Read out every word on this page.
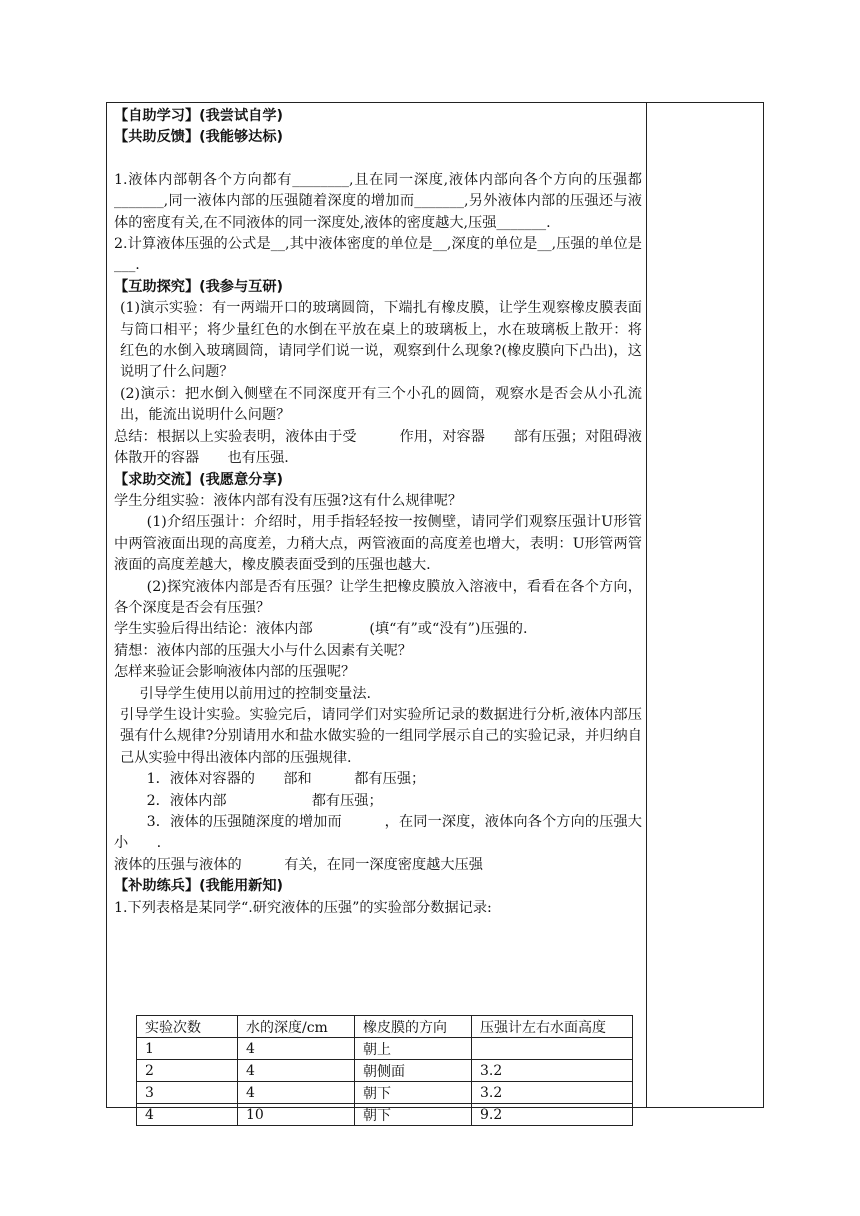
【自助学习】(我尝试自学)

【共助反馈】(我能够达标)

1.液体内部朝各个方向都有________,且在同一深度,液体内部向各个方向的压强都_______,同一液体内部的压强随着深度的增加而_______,另外液体内部的压强还与液体的密度有关,在不同液体的同一深度处,液体的密度越大,压强_______.

2.计算液体压强的公式是__,其中液体密度的单位是__,深度的单位是__,压强的单位是___.

【互助探究】(我参与互研)

(1)演示实验：有一两端开口的玻璃圆筒，下端扎有橡皮膜，让学生观察橡皮膜表面与筒口相平；将少量红色的水倒在平放在桌上的玻璃板上，水在玻璃板上散开：将红色的水倒入玻璃圆筒，请同学们说一说，观察到什么现象?(橡皮膜向下凸出)，这说明了什么问题？

(2)演示：把水倒入侧壁在不同深度开有三个小孔的圆筒，观察水是否会从小孔流出，能流出说明什么问题？

总结：根据以上实验表明，液体由于受　　　作用，对容器　　部有压强；对阻碍液体散开的容器　　也有压强.

【求助交流】(我愿意分享)

学生分组实验：液体内部有没有压强?这有什么规律呢？

(1)介绍压强计：介绍时，用手指轻轻按一按侧壁，请同学们观察压强计U形管中两管液面出现的高度差，力稍大点，两管液面的高度差也增大，表明：U形管两管液面的高度差越大，橡皮膜表面受到的压强也越大.

(2)探究液体内部是否有压强？让学生把橡皮膜放入溶液中，看看在各个方向，各个深度是否会有压强？

学生实验后得出结论：液体内部　　　　(填“有”或“没有”)压强的.

猜想：液体内部的压强大小与什么因素有关呢？

怎样来验证会影响液体内部的压强呢？

引导学生使用以前用过的控制变量法.

引导学生设计实验。实验完后，请同学们对实验所记录的数据进行分析,液体内部压强有什么规律?分别请用水和盐水做实验的一组同学展示自己的实验记录，并归纳自己从实验中得出液体内部的压强规律.

1．液体对容器的　　部和　　　都有压强；

2．液体内部　　　　　　都有压强；

3．液体的压强随深度的增加而　　　，在同一深度，液体向各个方向的压强大小　　.

液体的压强与液体的　　　有关，在同一深度密度越大压强

【补助练兵】(我能用新知)

1.下列表格是某同学“.研究液体的压强”的实验部分数据记录:

实验次数	水的深度/cm	橡皮膜的方向	压强计左右水面高度
1	4	朝上	
2	4	朝侧面	3.2
3	4	朝下	3.2
4	10	朝下	9.2
